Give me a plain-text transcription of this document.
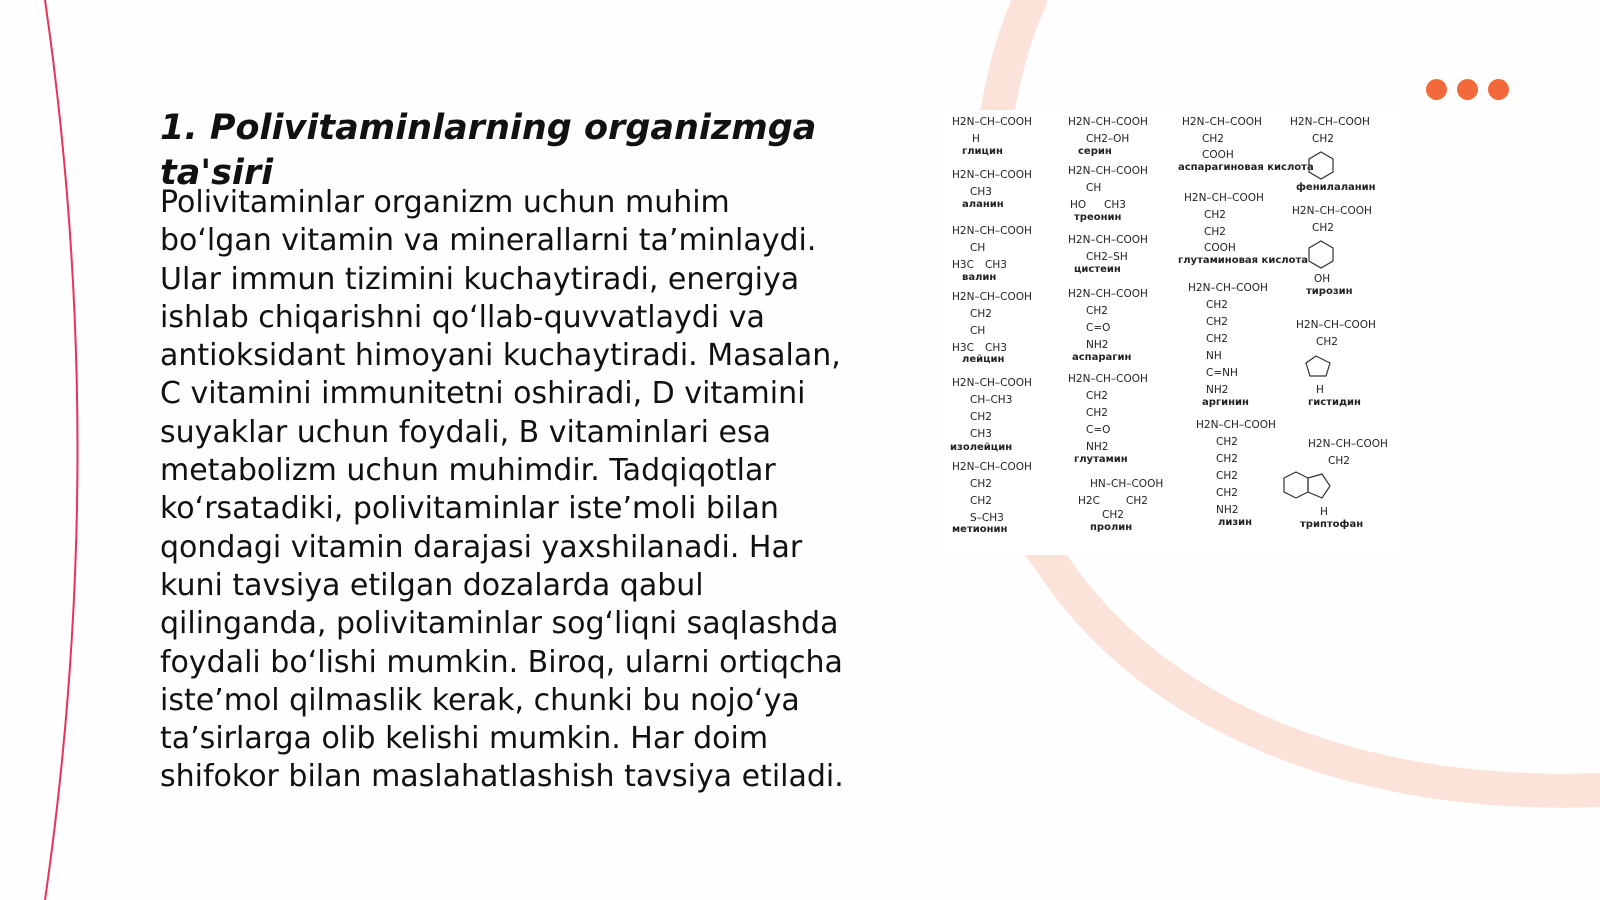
1. Polivitaminlarning organizmga ta'siri

Polivitaminlar organizm uchun muhim bo‘lgan vitamin va minerallarni ta’minlaydi. Ular immun tizimini kuchaytiradi, energiya ishlab chiqarishni qo‘llab-quvvatlaydi va antioksidant himoyani kuchaytiradi. Masalan, C vitamini immunitetni oshiradi, D vitamini suyaklar uchun foydali, B vitaminlari esa metabolizm uchun muhimdir. Tadqiqotlar ko‘rsatadiki, polivitaminlar iste’moli bilan qondagi vitamin darajasi yaxshilanadi. Har kuni tavsiya etilgan dozalarda qabul qilinganda, polivitaminlar sog‘liqni saqlashda foydali bo‘lishi mumkin. Biroq, ularni ortiqcha iste’mol qilmaslik kerak, chunki bu nojo‘ya ta’sirlarga olib kelishi mumkin. Har doim shifokor bilan maslahatlashish tavsiya etiladi.

H2N–CH–COOH
H
глицин
H2N–CH–COOH
CH3
аланин
H2N–CH–COOH
CH
H3C CH3
валин
H2N–CH–COOH
CH2
CH
H3C CH3
лейцин
H2N–CH–COOH
CH–CH3
CH2
CH3
изолейцин
H2N–CH–COOH
CH2
CH2
S–CH3
метионин
H2N–CH–COOH
CH2–OH
серин
H2N–CH–COOH
CH
HO CH3
треонин
H2N–CH–COOH
CH2–SH
цистеин
H2N–CH–COOH
CH2
C=O
NH2
аспарагин
H2N–CH–COOH
CH2
CH2
C=O
NH2
глутамин
HN–CH–COOH
H2C CH2
CH2
пролин
H2N–CH–COOH
CH2
COOH
аспарагиновая кислота
H2N–CH–COOH
CH2
CH2
COOH
глутаминовая кислота
H2N–CH–COOH
CH2
CH2
CH2
NH
C=NH
NH2
аргинин
H2N–CH–COOH
CH2
CH2
CH2
CH2
NH2
лизин
H2N–CH–COOH
CH2
фенилаланин
H2N–CH–COOH
CH2
OH
тирозин
H2N–CH–COOH
CH2
H
гистидин
H2N–CH–COOH
CH2
H
триптофан
